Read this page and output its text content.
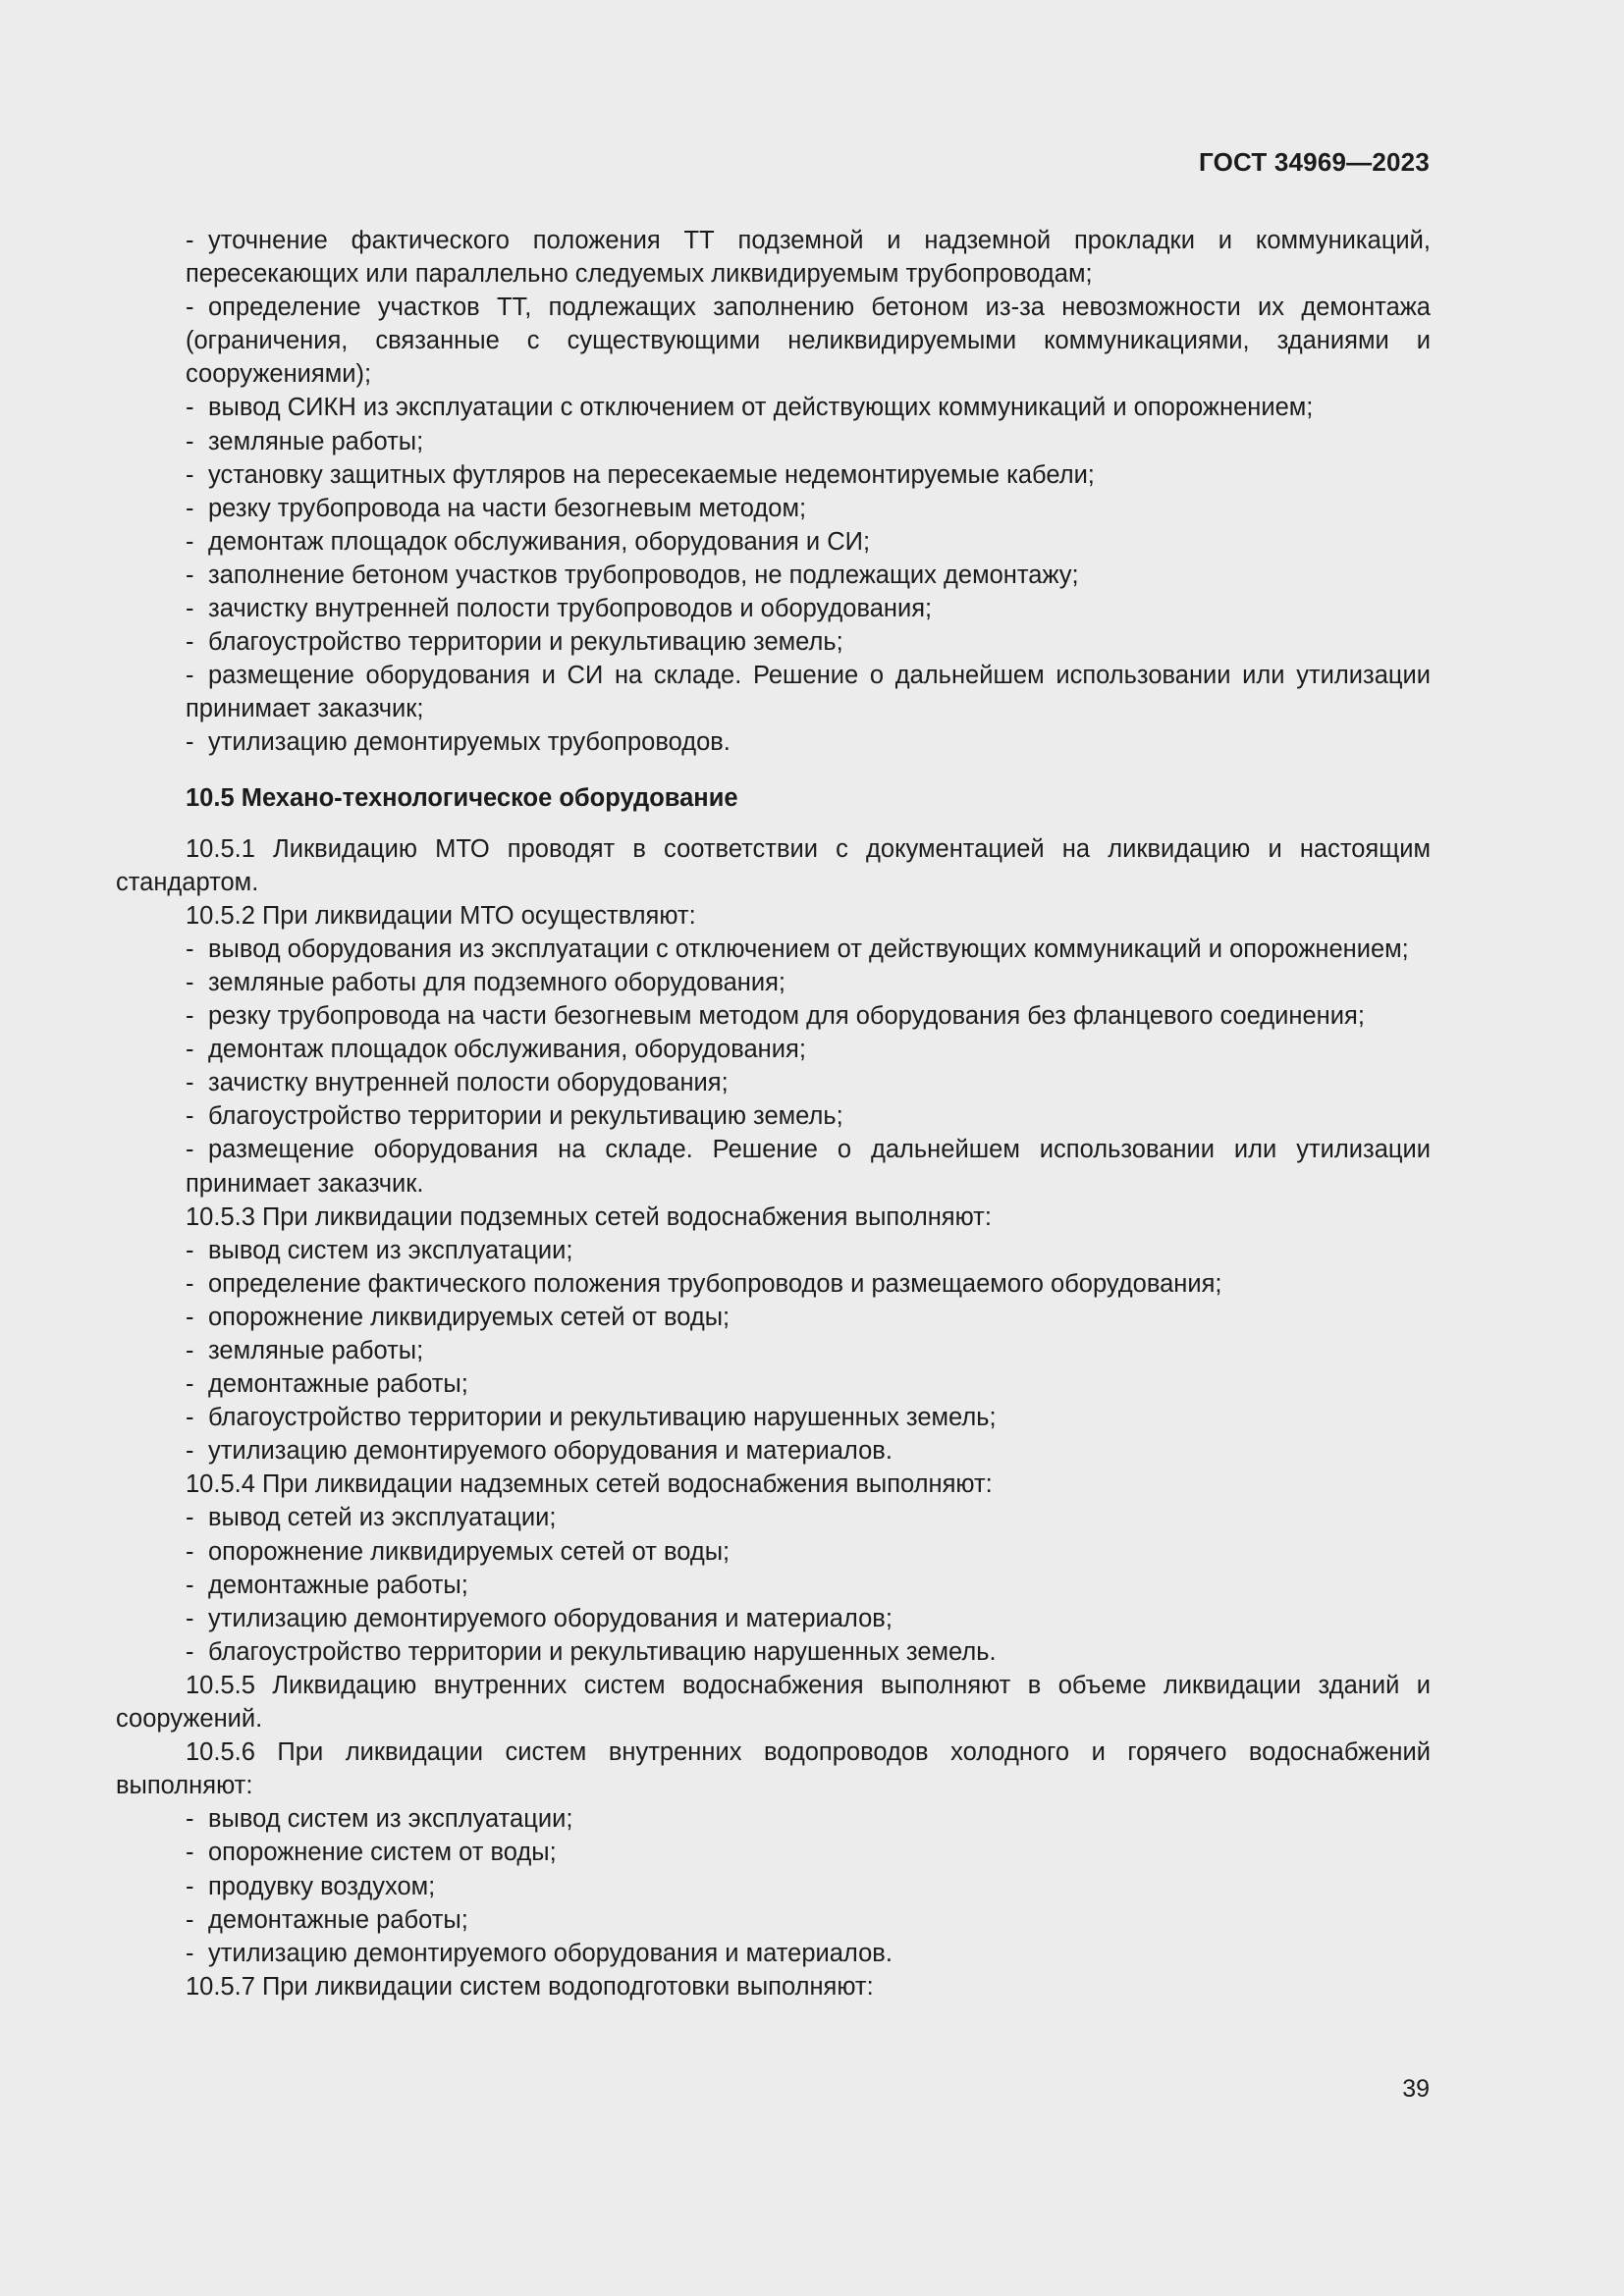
ГОСТ 34969—2023

- уточнение фактического положения ТТ подземной и надземной прокладки и коммуникаций, пересекающих или параллельно следуемых ликвидируемым трубопроводам;

- определение участков ТТ, подлежащих заполнению бетоном из-за невозможности их демонтажа (ограничения, связанные с существующими неликвидируемыми коммуникациями, зданиями и сооружениями);

- вывод СИКН из эксплуатации с отключением от действующих коммуникаций и опорожнением;

- земляные работы;

- установку защитных футляров на пересекаемые недемонтируемые кабели;

- резку трубопровода на части безогневым методом;

- демонтаж площадок обслуживания, оборудования и СИ;

- заполнение бетоном участков трубопроводов, не подлежащих демонтажу;

- зачистку внутренней полости трубопроводов и оборудования;

- благоустройство территории и рекультивацию земель;

- размещение оборудования и СИ на складе. Решение о дальнейшем использовании или утилизации принимает заказчик;

- утилизацию демонтируемых трубопроводов.

10.5 Механо-технологическое оборудование

10.5.1 Ликвидацию МТО проводят в соответствии с документацией на ликвидацию и настоящим стандартом.

10.5.2 При ликвидации МТО осуществляют:

- вывод оборудования из эксплуатации с отключением от действующих коммуникаций и опорожнением;

- земляные работы для подземного оборудования;

- резку трубопровода на части безогневым методом для оборудования без фланцевого соединения;

- демонтаж площадок обслуживания, оборудования;

- зачистку внутренней полости оборудования;

- благоустройство территории и рекультивацию земель;

- размещение оборудования на складе. Решение о дальнейшем использовании или утилизации принимает заказчик.

10.5.3 При ликвидации подземных сетей водоснабжения выполняют:

- вывод систем из эксплуатации;

- определение фактического положения трубопроводов и размещаемого оборудования;

- опорожнение ликвидируемых сетей от воды;

- земляные работы;

- демонтажные работы;

- благоустройство территории и рекультивацию нарушенных земель;

- утилизацию демонтируемого оборудования и материалов.

10.5.4 При ликвидации надземных сетей водоснабжения выполняют:

- вывод сетей из эксплуатации;

- опорожнение ликвидируемых сетей от воды;

- демонтажные работы;

- утилизацию демонтируемого оборудования и материалов;

- благоустройство территории и рекультивацию нарушенных земель.

10.5.5 Ликвидацию внутренних систем водоснабжения выполняют в объеме ликвидации зданий и сооружений.

10.5.6 При ликвидации систем внутренних водопроводов холодного и горячего водоснабжений выполняют:

- вывод систем из эксплуатации;

- опорожнение систем от воды;

- продувку воздухом;

- демонтажные работы;

- утилизацию демонтируемого оборудования и материалов.

10.5.7 При ликвидации систем водоподготовки выполняют:

39
